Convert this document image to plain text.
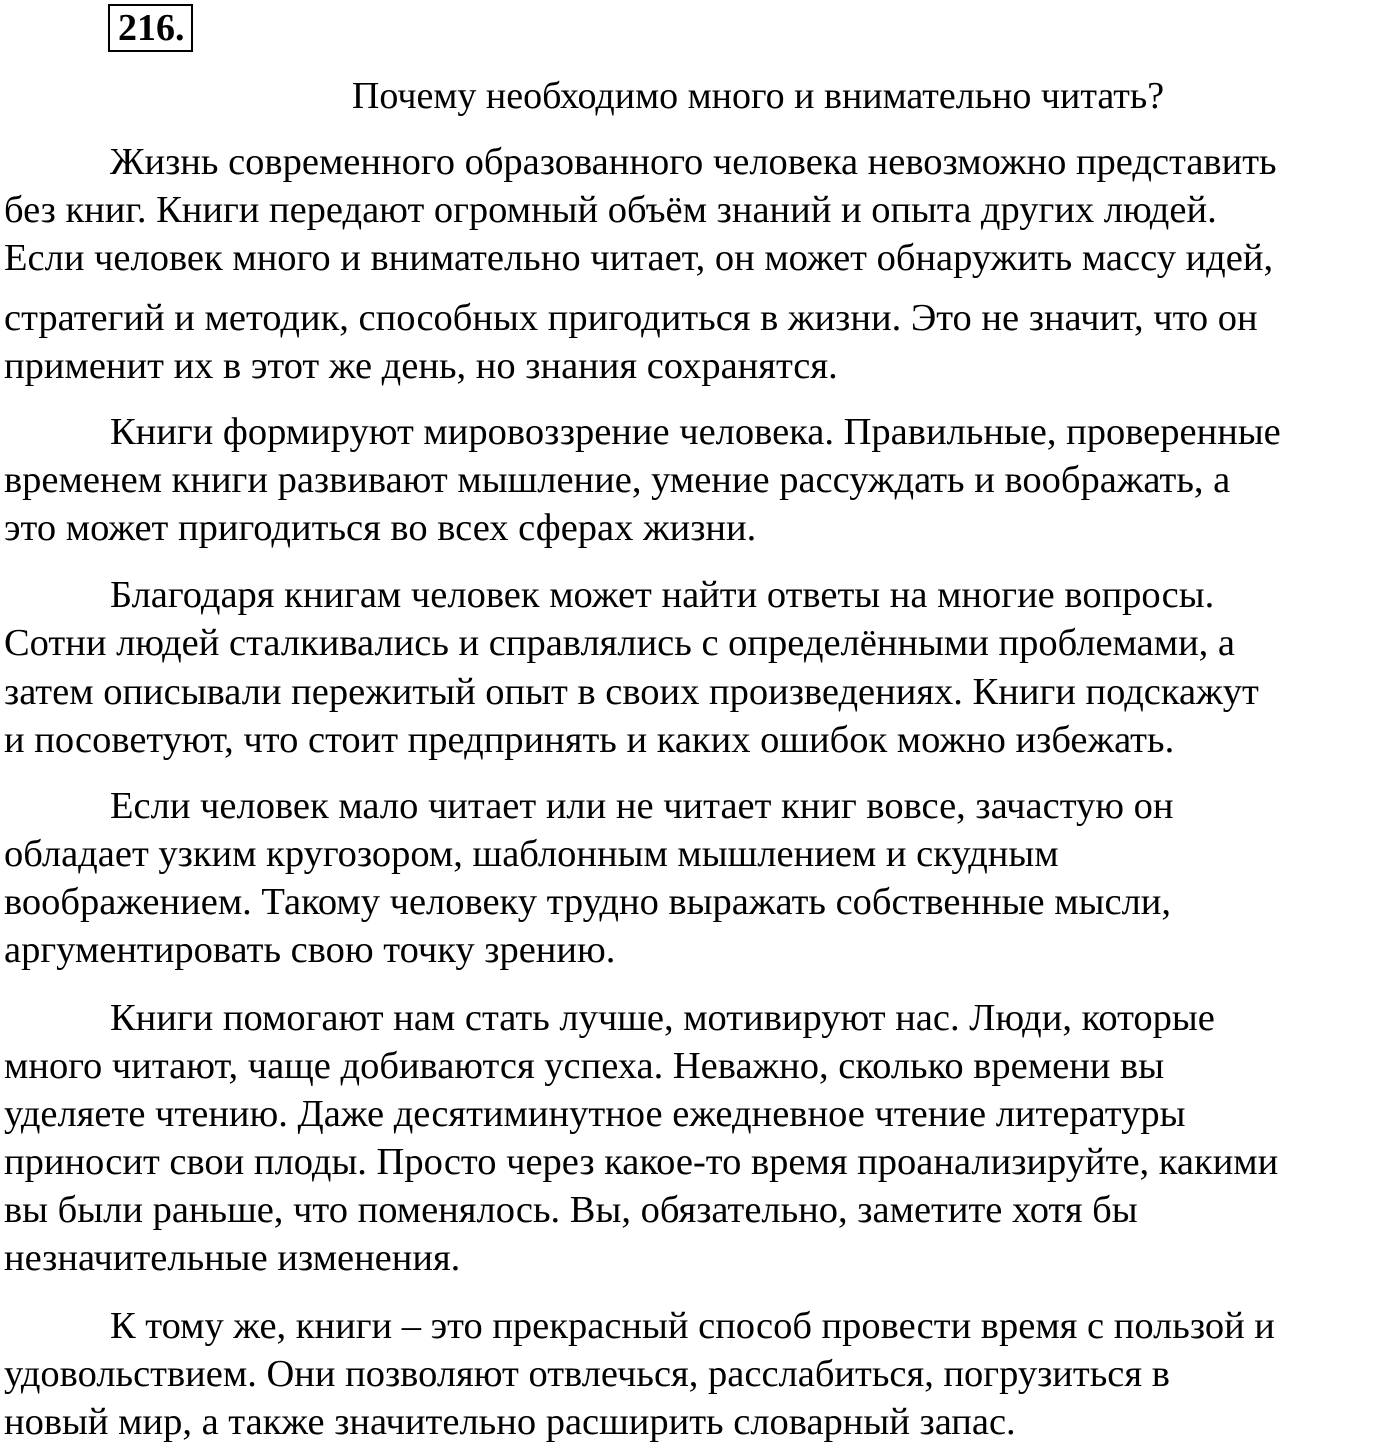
216.
Почему необходимо много и внимательно читать?
Жизнь современного образованного человека невозможно представить
без книг. Книги передают огромный объём знаний и опыта других людей.
Если человек много и внимательно читает, он может обнаружить массу идей,
стратегий и методик, способных пригодиться в жизни. Это не значит, что он
применит их в этот же день, но знания сохранятся.
Книги формируют мировоззрение человека. Правильные, проверенные
временем книги развивают мышление, умение рассуждать и воображать, а
это может пригодиться во всех сферах жизни.
Благодаря книгам человек может найти ответы на многие вопросы.
Сотни людей сталкивались и справлялись с определёнными проблемами, а
затем описывали пережитый опыт в своих произведениях. Книги подскажут
и посоветуют, что стоит предпринять и каких ошибок можно избежать.
Если человек мало читает или не читает книг вовсе, зачастую он
обладает узким кругозором, шаблонным мышлением и скудным
воображением. Такому человеку трудно выражать собственные мысли,
аргументировать свою точку зрению.
Книги помогают нам стать лучше, мотивируют нас. Люди, которые
много читают, чаще добиваются успеха. Неважно, сколько времени вы
уделяете чтению. Даже десятиминутное ежедневное чтение литературы
приносит свои плоды. Просто через какое-то время проанализируйте, какими
вы были раньше, что поменялось. Вы, обязательно, заметите хотя бы
незначительные изменения.
К тому же, книги – это прекрасный способ провести время с пользой и
удовольствием. Они позволяют отвлечься, расслабиться, погрузиться в
новый мир, а также значительно расширить словарный запас.
